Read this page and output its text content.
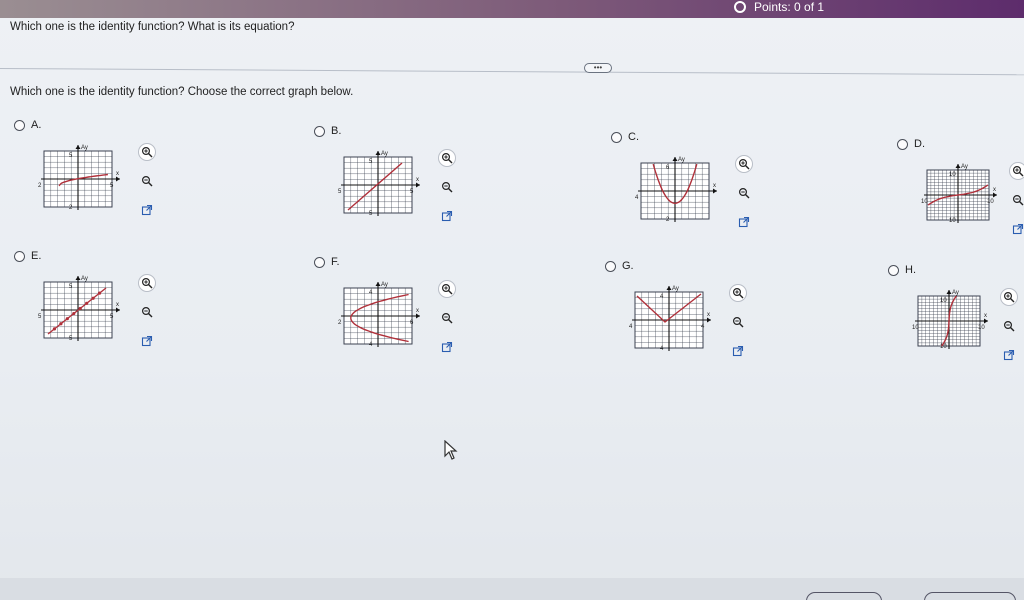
Points: 0 of 1
Which one is the identity function? What is its equation?
•••
Which one is the identity function? Choose the correct graph below.
A.
x
Ay
5
5
2
2
B.
x
Ay
5
5
5
5
C.
x
Ay
6
4
2
D.
x
Ay
10
10
10
10
E.
x
Ay
5
5
5
5
F.
x
Ay
4
6
2
4
G.
x
Ay
4
4
4
4
H.
x
Ay
10
10
10
10
